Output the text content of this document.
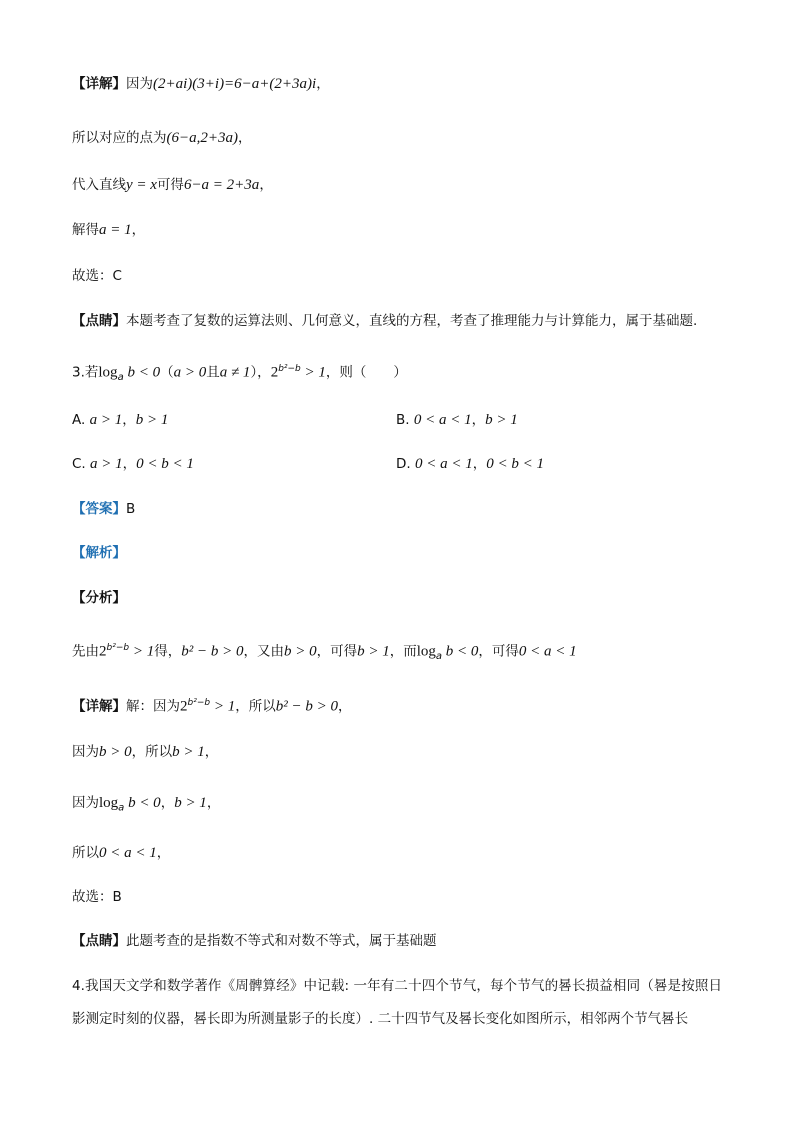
【详解】因为(2+ai)(3+i)=6−a+(2+3a)i，
所以对应的点为(6−a,2+3a)，
代入直线y = x可得6−a = 2+3a，
解得a = 1，
故选：C
【点睛】本题考查了复数的运算法则、几何意义，直线的方程，考查了推理能力与计算能力，属于基础题.
3.若$\log_a b < 0(a > 0$且a ≠ 1），$2^{b^2-b} > 1$，则（　　）
A. a > 1，b > 1	B. 0 < a < 1，b > 1
C. a > 1，0 < b < 1	D. 0 < a < 1，0 < b < 1
【答案】B
【解析】
【分析】
先由$2^{b^2-b} > 1$得，b² − b > 0，又由b > 0，可得b > 1，而$\log_a b < 0$，可得0 < a < 1
【详解】解：因为$2^{b^2-b} > 1$，所以b² − b > 0，
因为b > 0，所以b > 1，
因为$\log_a b < 0$，b > 1，
所以0 < a < 1，
故选：B
【点睛】此题考查的是指数不等式和对数不等式，属于基础题
4.我国天文学和数学著作《周髀算经》中记载: 一年有二十四个节气，每个节气的晷长损益相同（晷是按照日影测定时刻的仪器，晷长即为所测量影子的长度）. 二十四节气及晷长变化如图所示，相邻两个节气晷长
